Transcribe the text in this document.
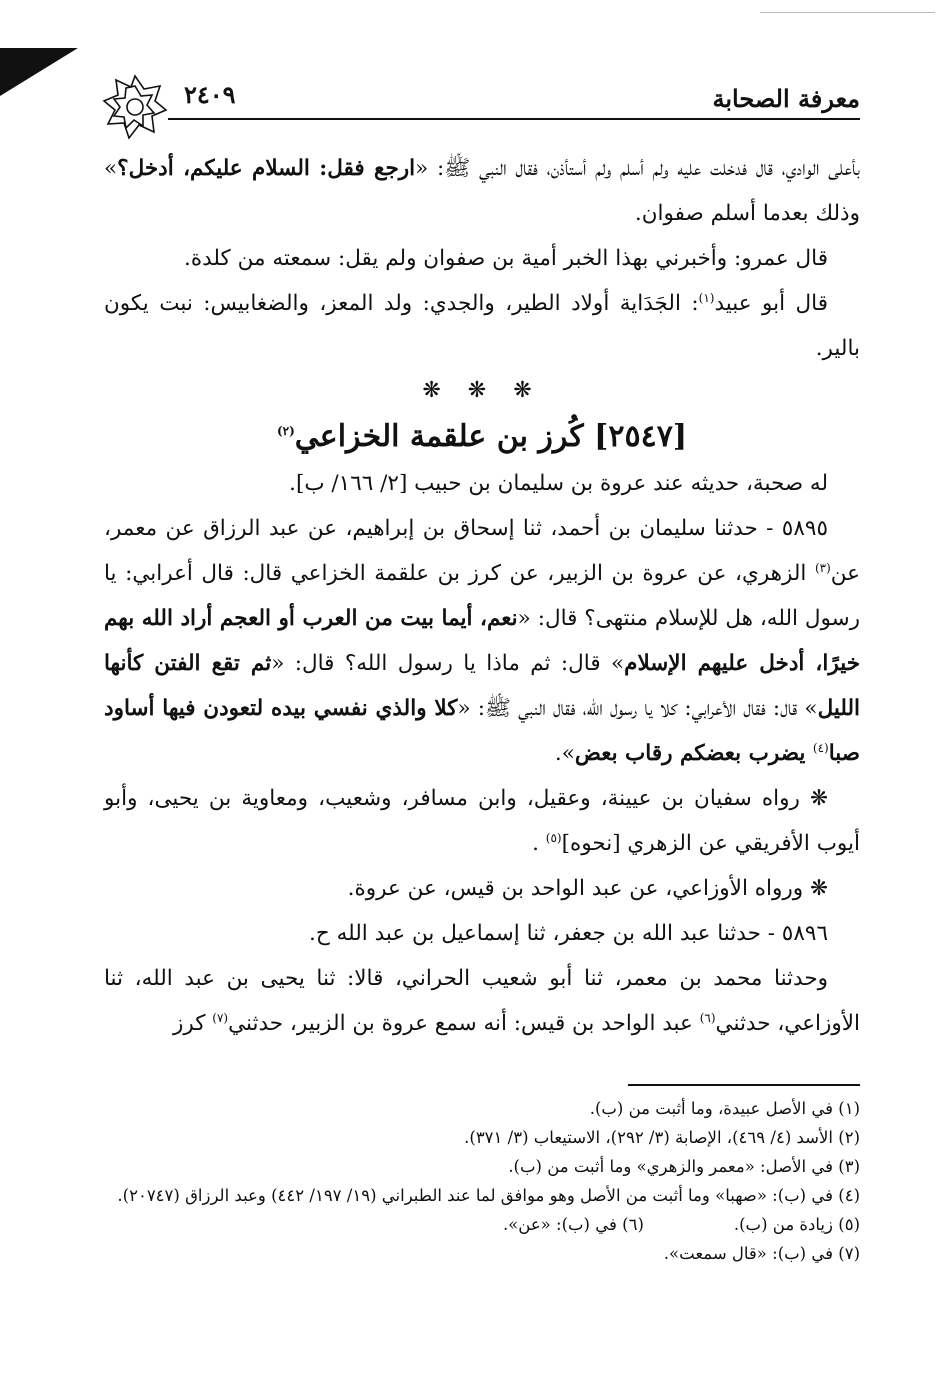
٢٤٠٩	معرفة الصحابة

بأعلى الوادي، قال فدخلت عليه ولم أسلم ولم أستأذن، فقال النبي ﷺ: «ارجع فقل: السلام عليكم، أدخل؟» وذلك بعدما أسلم صفوان.

قال عمرو: وأخبرني بهذا الخبر أمية بن صفوان ولم يقل: سمعته من كلدة.

قال أبو عبيد$^{(١)}$: الجَدَاية أولاد الطير، والجدي: ولد المعز، والضغابيس: نبت يكون بالير.

❋ ❋ ❋

[٢٥٤٧] كُرز بن علقمة الخزاعي$^{(٢)}$

له صحبة، حديثه عند عروة بن سليمان بن حبيب [٢/ ١٦٦/ ب].

٥٨٩٥ - حدثنا سليمان بن أحمد، ثنا إسحاق بن إبراهيم، عن عبد الرزاق عن معمر، عن$^{(٣)}$ الزهري، عن عروة بن الزبير، عن كرز بن علقمة الخزاعي قال: قال أعرابي: يا رسول الله، هل للإسلام منتهى؟ قال: «نعم، أيما بيت من العرب أو العجم أراد الله بهم خيرًا، أدخل عليهم الإسلام» قال: ثم ماذا يا رسول الله؟ قال: «ثم تقع الفتن كأنها الليل» قال: فقال الأعرابي: كلا يا رسول الله، فقال النبي ﷺ: «كلا والذي نفسي بيده لتعودن فيها أساود صبا$^{(٤)}$ يضرب بعضكم رقاب بعض».

❋ رواه سفيان بن عيينة، وعقيل، وابن مسافر، وشعيب، ومعاوية بن يحيى، وأبو أيوب الأفريقي عن الزهري [نحوه]$^{(٥)}$ .

❋ ورواه الأوزاعي، عن عبد الواحد بن قيس، عن عروة.

٥٨٩٦ - حدثنا عبد الله بن جعفر، ثنا إسماعيل بن عبد الله ح.

وحدثنا محمد بن معمر، ثنا أبو شعيب الحراني، قالا: ثنا يحيى بن عبد الله، ثنا الأوزاعي، حدثني$^{(٦)}$ عبد الواحد بن قيس: أنه سمع عروة بن الزبير، حدثني$^{(٧)}$ كرز

(١) في الأصل عبيدة، وما أثبت من (ب).

(٢) الأسد (٤/ ٤٦٩)، الإصابة (٣/ ٢٩٢)، الاستيعاب (٣/ ٣٧١).

(٣) في الأصل: «معمر والزهري» وما أثبت من (ب).

(٤) في (ب): «صهبا» وما أثبت من الأصل وهو موافق لما عند الطبراني (١٩/ ١٩٧/ ٤٤٢) وعبد الرزاق (٢٠٧٤٧).

(٥) زيادة من (ب).
(٦) في (ب): «عن».

(٧) في (ب): «قال سمعت».
